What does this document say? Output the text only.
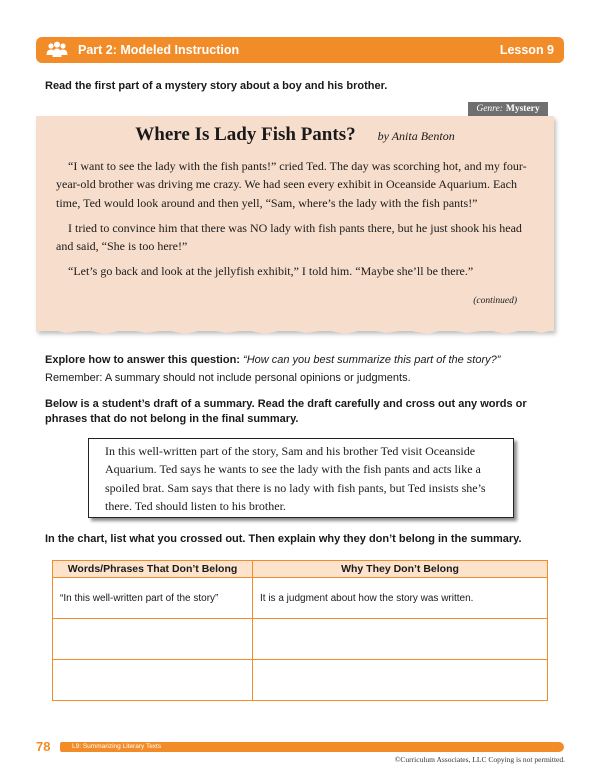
Part 2: Modeled Instruction	Lesson 9
Read the first part of a mystery story about a boy and his brother.
Genre: Mystery
Where Is Lady Fish Pants? by Anita Benton

“I want to see the lady with the fish pants!” cried Ted. The day was scorching hot, and my four-year-old brother was driving me crazy. We had seen every exhibit in Oceanside Aquarium. Each time, Ted would look around and then yell, “Sam, where’s the lady with the fish pants!”

I tried to convince him that there was NO lady with fish pants there, but he just shook his head and said, “She is too here!”

“Let’s go back and look at the jellyfish exhibit,” I told him. “Maybe she’ll be there.”

(continued)
Explore how to answer this question: “How can you best summarize this part of the story?”
Remember: A summary should not include personal opinions or judgments.
Below is a student’s draft of a summary. Read the draft carefully and cross out any words or phrases that do not belong in the final summary.
In this well-written part of the story, Sam and his brother Ted visit Oceanside Aquarium. Ted says he wants to see the lady with the fish pants and acts like a spoiled brat. Sam says that there is no lady with fish pants, but Ted insists she’s there. Ted should listen to his brother.
In the chart, list what you crossed out. Then explain why they don’t belong in the summary.
Words/Phrases That Don’t Belong	Why They Don’t Belong
“In this well-written part of the story”	It is a judgment about how the story was written.

78	L9: Summarizing Literary Texts
©Curriculum Associates, LLC Copying is not permitted.
